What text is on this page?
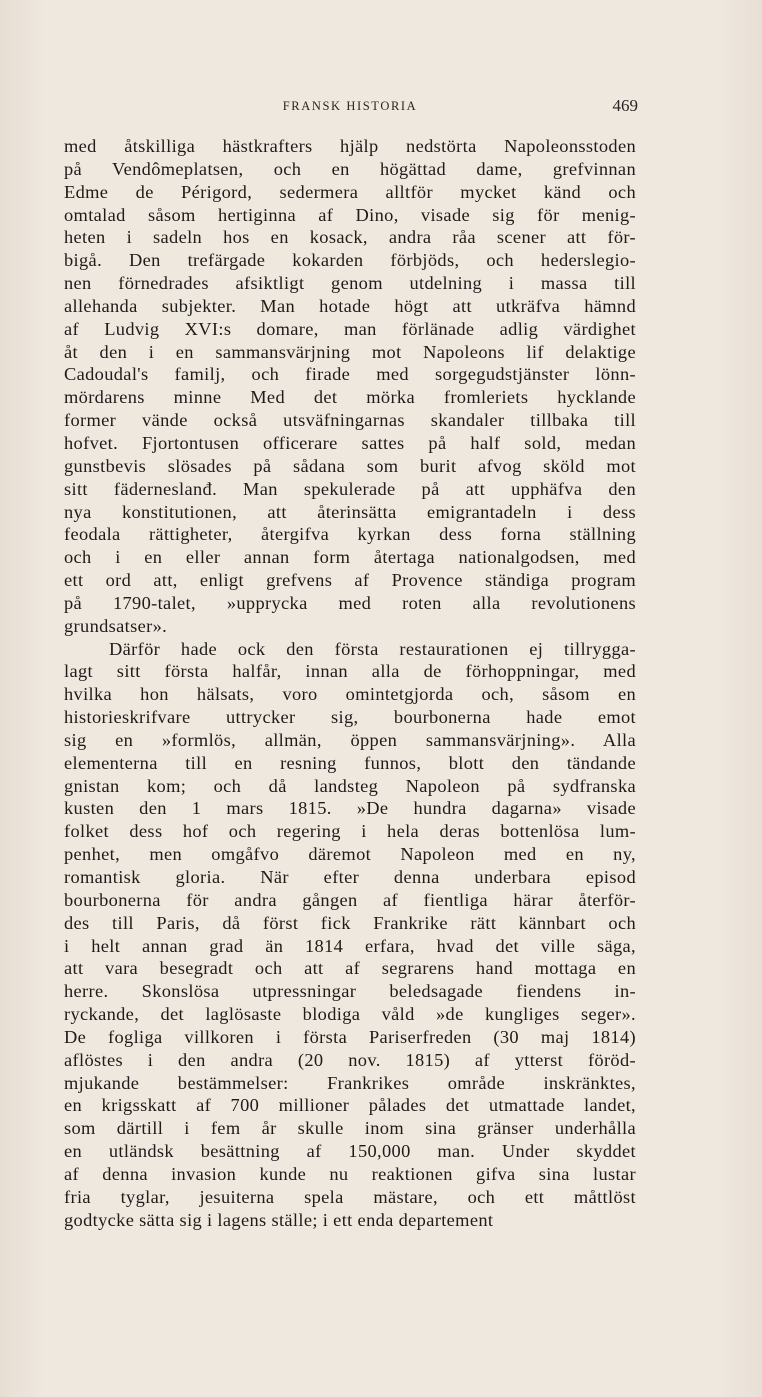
FRANSK HISTORIA	469
med åtskilliga hästkrafters hjälp nedstörta Napoleonsstoden
på Vendômeplatsen, och en högättad dame, grefvinnan
Edme de Périgord, sedermera alltför mycket känd och
omtalad såsom hertiginna af Dino, visade sig för menig-
heten i sadeln hos en kosack, andra råa scener att för-
bigå. Den trefärgade kokarden förbjöds, och hederslegio-
nen förnedrades afsiktligt genom utdelning i massa till
allehanda subjekter. Man hotade högt att utkräfva hämnd
af Ludvig XVI:s domare, man förlänade adlig värdighet
åt den i en sammansvärjning mot Napoleons lif delaktige
Cadoudal's familj, och firade med sorgegudstjänster lönn-
mördarens minne Med det mörka fromleriets hycklande
former vände också utsväfningarnas skandaler tillbaka till
hofvet. Fjortontusen officerare sattes på half sold, medan
gunstbevis slösades på sådana som burit afvog sköld mot
sitt fäderneslanđ. Man spekulerade på att upphäfva den
nya konstitutionen, att återinsätta emigrantadeln i dess
feodala rättigheter, återgifva kyrkan dess forna ställning
och i en eller annan form återtaga nationalgodsen, med
ett ord att, enligt grefvens af Provence ständiga program
på 1790-talet, »upprycka med roten alla revolutionens
grundsatser».
Därför hade ock den första restaurationen ej tillrygga-
lagt sitt första halfår, innan alla de förhoppningar, med
hvilka hon hälsats, voro omintetgjorda och, såsom en
historieskrifvare uttrycker sig, bourbonerna hade emot
sig en »formlös, allmän, öppen sammansvärjning». Alla
elementerna till en resning funnos, blott den tändande
gnistan kom; och då landsteg Napoleon på sydfranska
kusten den 1 mars 1815. »De hundra dagarna» visade
folket dess hof och regering i hela deras bottenlösa lum-
penhet, men omgåfvo däremot Napoleon med en ny,
romantisk gloria. När efter denna underbara episod
bourbonerna för andra gången af fientliga härar återför-
des till Paris, då först fick Frankrike rätt kännbart och
i helt annan grad än 1814 erfara, hvad det ville säga,
att vara besegradt och att af segrarens hand mottaga en
herre. Skonslösa utpressningar beledsagade fiendens in-
ryckande, det laglösaste blodiga våld »de kungliges seger».
De fogliga villkoren i första Pariserfreden (30 maj 1814)
aflöstes i den andra (20 nov. 1815) af ytterst föröd-
mjukande bestämmelser: Frankrikes område inskränktes,
en krigsskatt af 700 millioner pålades det utmattade landet,
som därtill i fem år skulle inom sina gränser underhålla
en utländsk besättning af 150,000 man. Under skyddet
af denna invasion kunde nu reaktionen gifva sina lustar
fria tyglar, jesuiterna spela mästare, och ett måttlöst
godtycke sätta sig i lagens ställe; i ett enda departement
